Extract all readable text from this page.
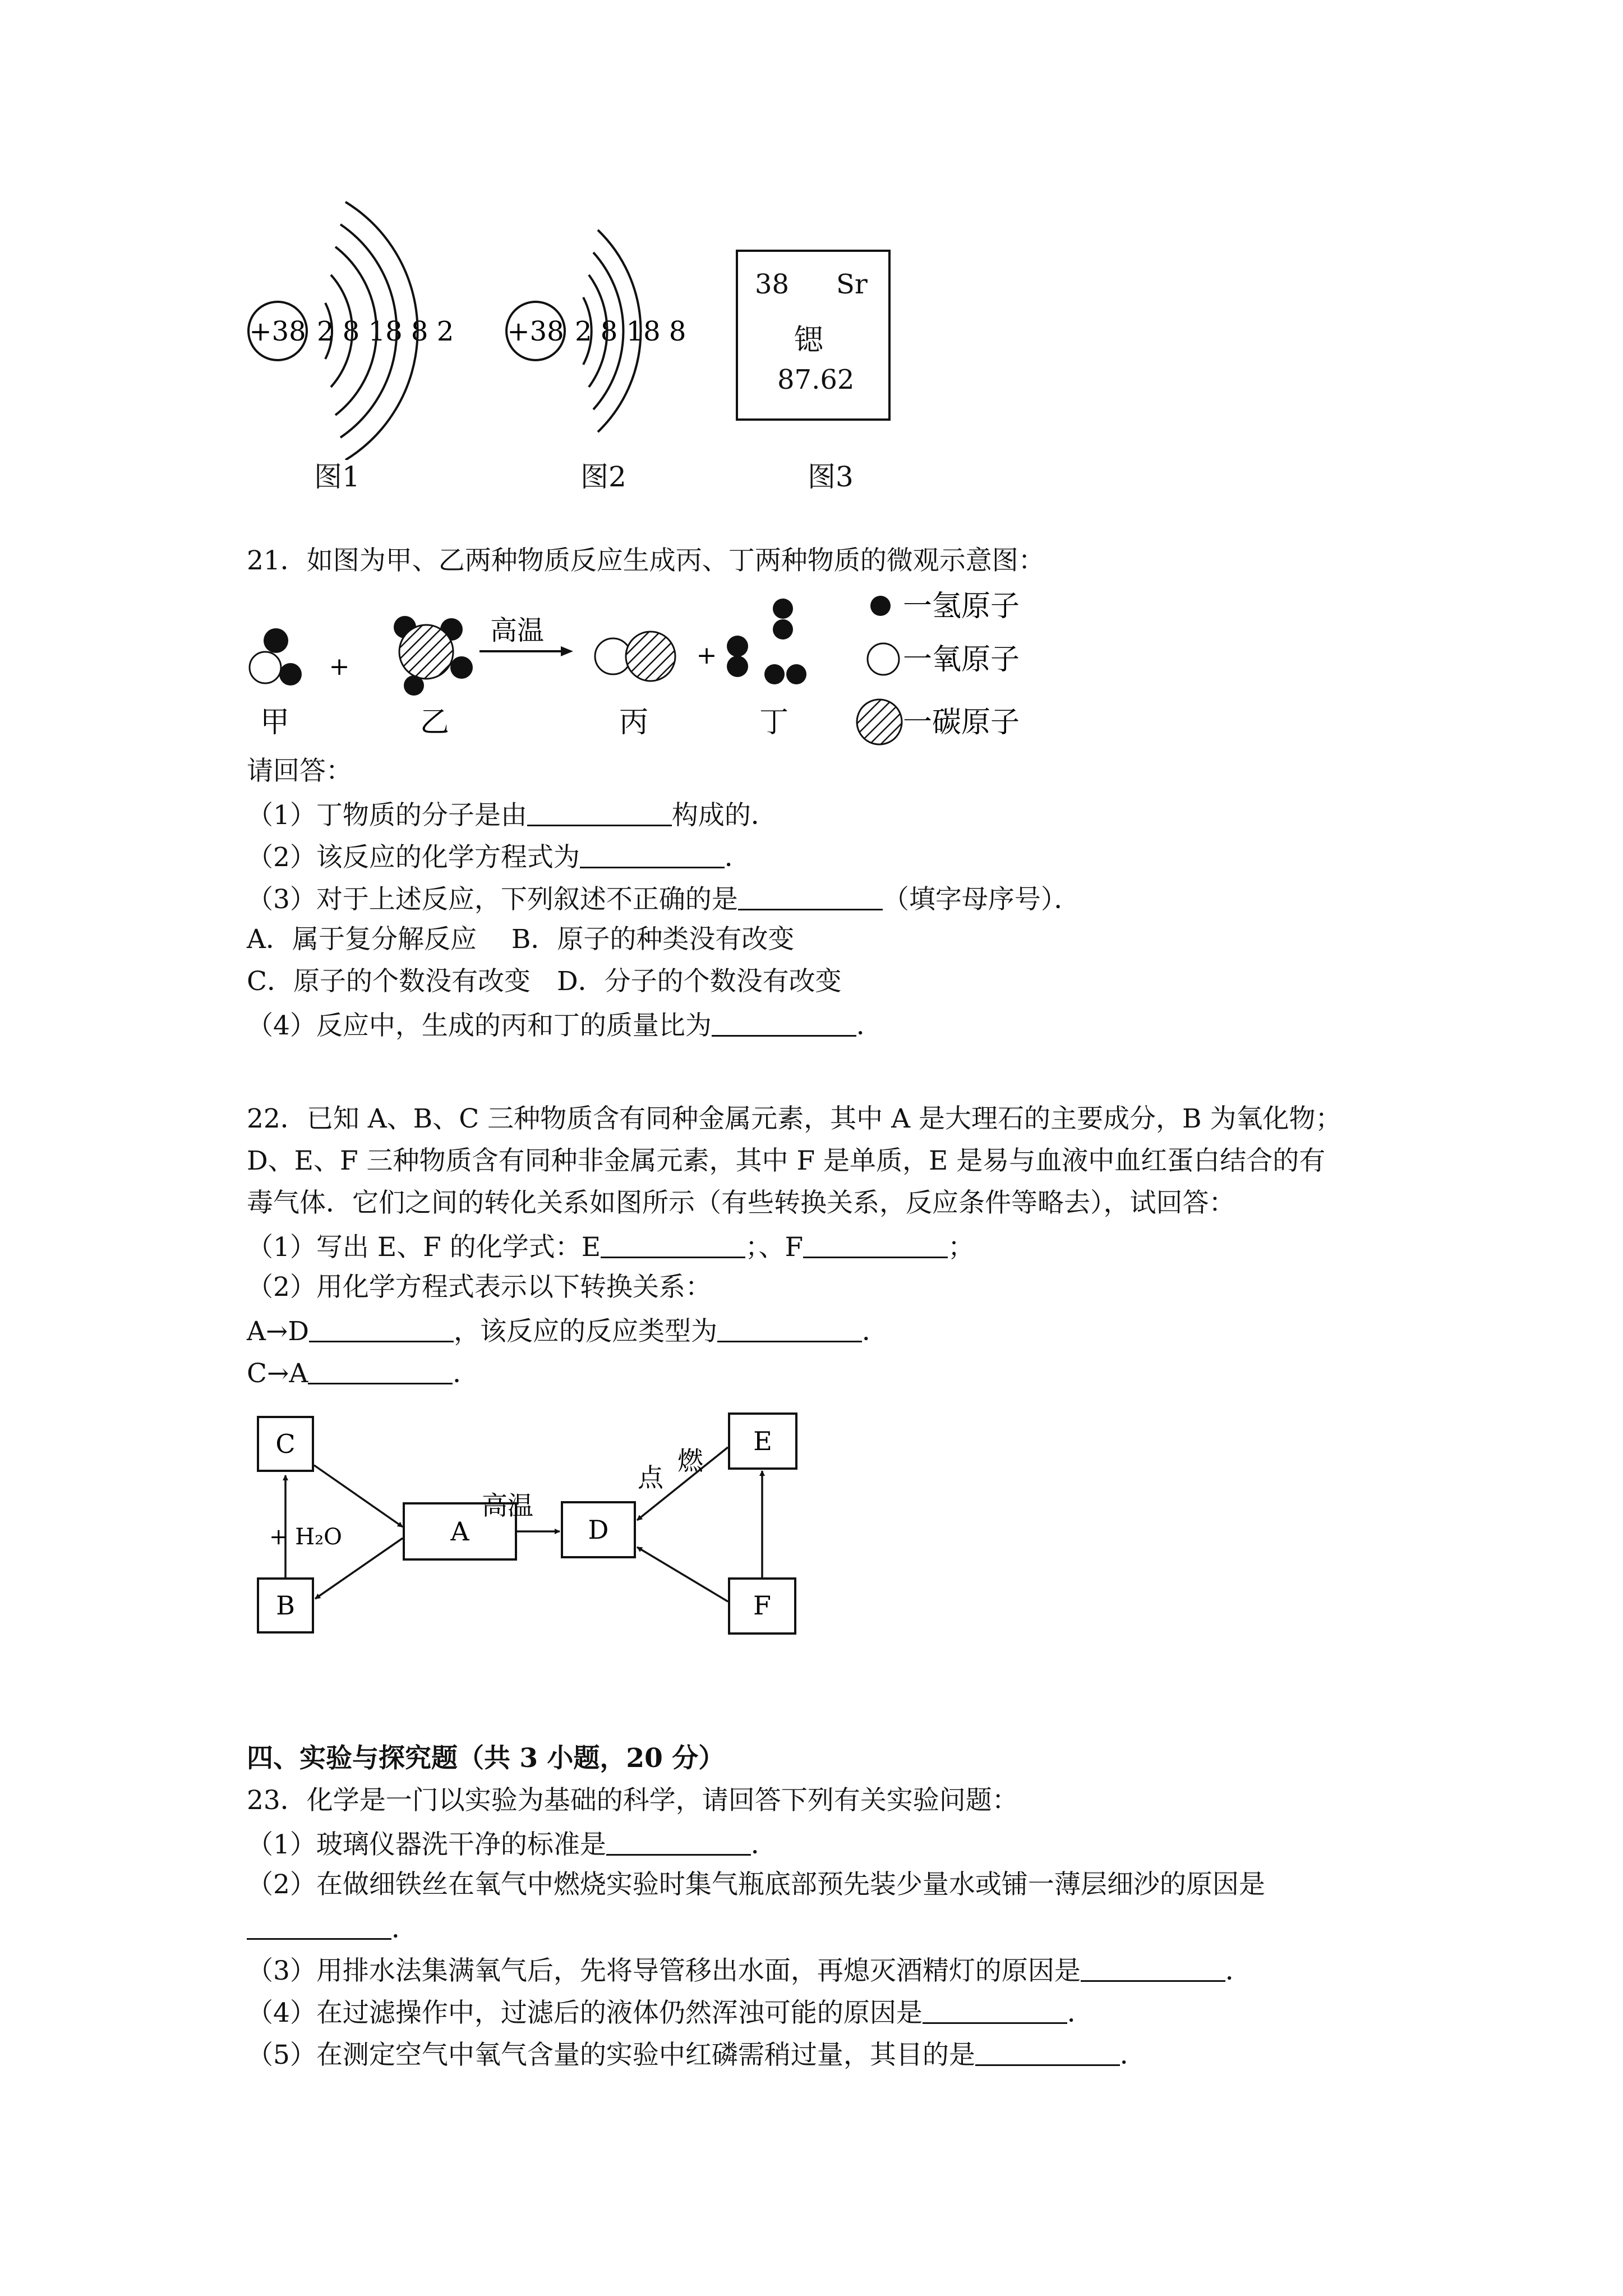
+38 2 8 18 8 2
图1
+38 2 8 18 8
图2
38 Sr
锶
87.62
图3
21．如图为甲、乙两种物质反应生成丙、丁两种物质的微观示意图：
+
高温
+
甲	乙	丙	丁
一氢原子
一氧原子
一碳原子
请回答：
（1）丁物质的分子是由	构成的．
（2）该反应的化学方程式为	．
（3）对于上述反应，下列叙述不正确的是	（填字母序号）．
A．属于复分解反应　 B．原子的种类没有改变
C．原子的个数没有改变　D．分子的个数没有改变
（4）反应中，生成的丙和丁的质量比为	．
22．已知 A、B、C 三种物质含有同种金属元素，其中 A 是大理石的主要成分，B 为氧化物；
D、E、F 三种物质含有同种非金属元素，其中 F 是单质，E 是易与血液中血红蛋白结合的有
毒气体．它们之间的转化关系如图所示（有些转换关系，反应条件等略去），试回答：
（1）写出 E、F 的化学式：E	；、F	；
（2）用化学方程式表示以下转换关系：
A→D	，该反应的反应类型为	．
C→A	．
C
B
A	D
E
F
+ H₂O
高温
点
燃
四、实验与探究题（共 3 小题，20 分）
23．化学是一门以实验为基础的科学，请回答下列有关实验问题：
（1）玻璃仪器洗干净的标准是	．
（2）在做细铁丝在氧气中燃烧实验时集气瓶底部预先装少量水或铺一薄层细沙的原因是
．
（3）用排水法集满氧气后，先将导管移出水面，再熄灭酒精灯的原因是	．
（4）在过滤操作中，过滤后的液体仍然浑浊可能的原因是	．
（5）在测定空气中氧气含量的实验中红磷需稍过量，其目的是	．
